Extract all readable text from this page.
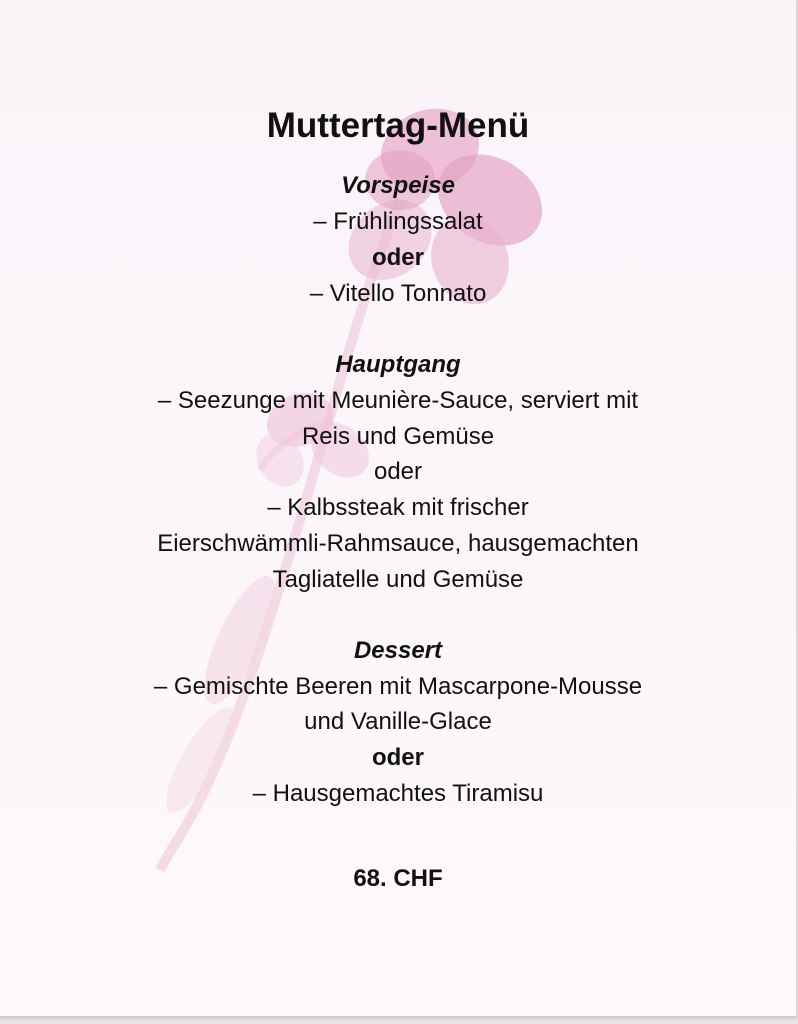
Muttertag-Menü
Vorspeise
– Frühlingssalat
oder
– Vitello Tonnato
Hauptgang
– Seezunge mit Meunière-Sauce, serviert mit
Reis und Gemüse
oder
– Kalbssteak mit frischer
Eierschwämmli-Rahmsauce, hausgemachten
Tagliatelle und Gemüse
Dessert
– Gemischte Beeren mit Mascarpone-Mousse
und Vanille-Glace
oder
– Hausgemachtes Tiramisu
68. CHF
